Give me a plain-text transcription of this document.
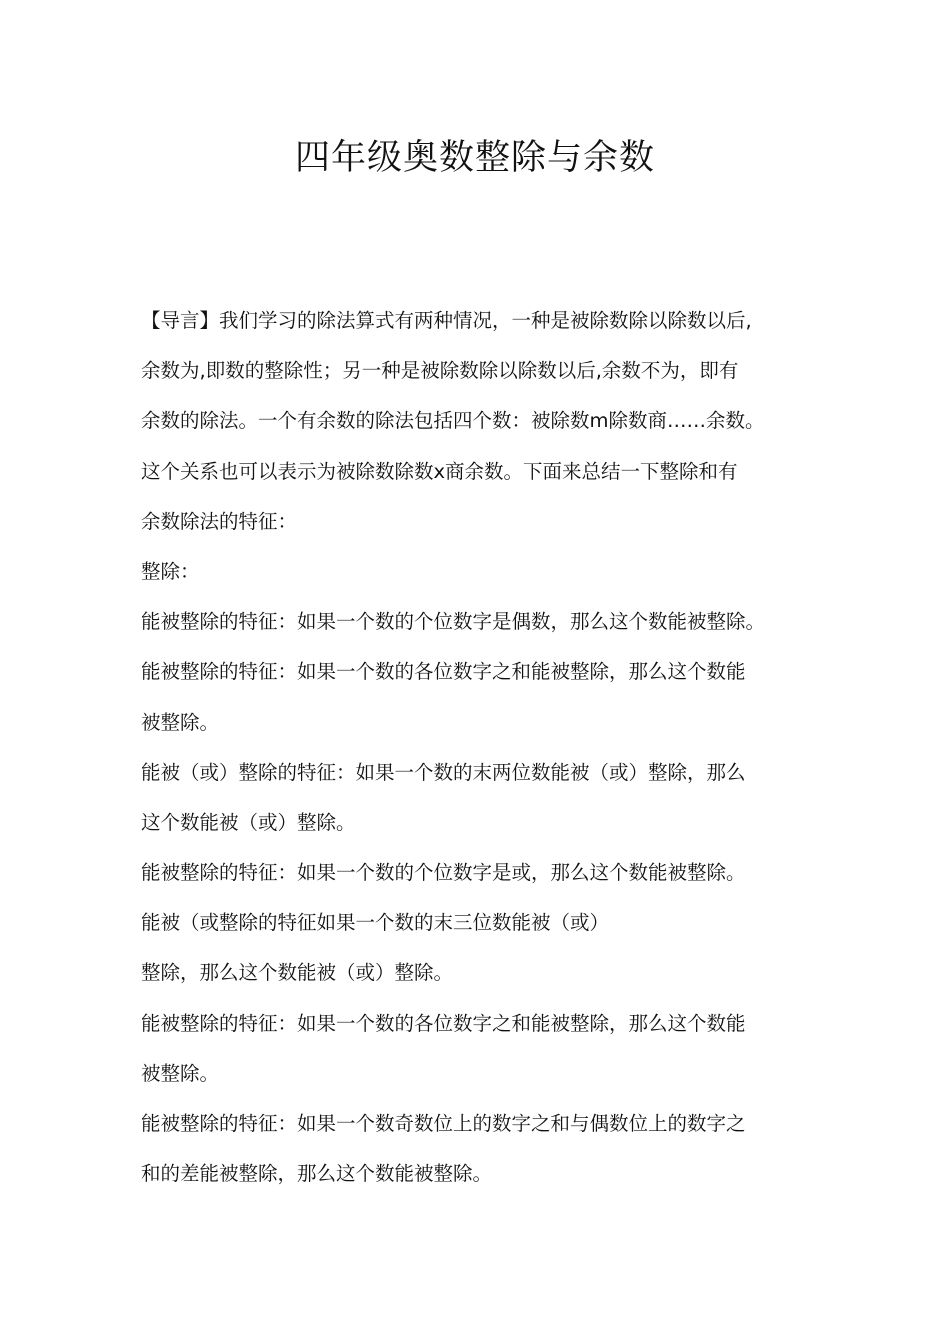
四年级奥数整除与余数
【导言】我们学习的除法算式有两种情况，一种是被除数除以除数以后,
余数为,即数的整除性；另一种是被除数除以除数以后,余数不为，即有
余数的除法。一个有余数的除法包括四个数：被除数m除数商……余数。
这个关系也可以表示为被除数除数x商余数。下面来总结一下整除和有
余数除法的特征：
整除：
能被整除的特征：如果一个数的个位数字是偶数，那么这个数能被整除。
能被整除的特征：如果一个数的各位数字之和能被整除，那么这个数能
被整除。
能被（或）整除的特征：如果一个数的末两位数能被（或）整除，那么
这个数能被（或）整除。
能被整除的特征：如果一个数的个位数字是或，那么这个数能被整除。
能被（或整除的特征如果一个数的末三位数能被（或）
整除，那么这个数能被（或）整除。
能被整除的特征：如果一个数的各位数字之和能被整除，那么这个数能
被整除。
能被整除的特征：如果一个数奇数位上的数字之和与偶数位上的数字之
和的差能被整除，那么这个数能被整除。
